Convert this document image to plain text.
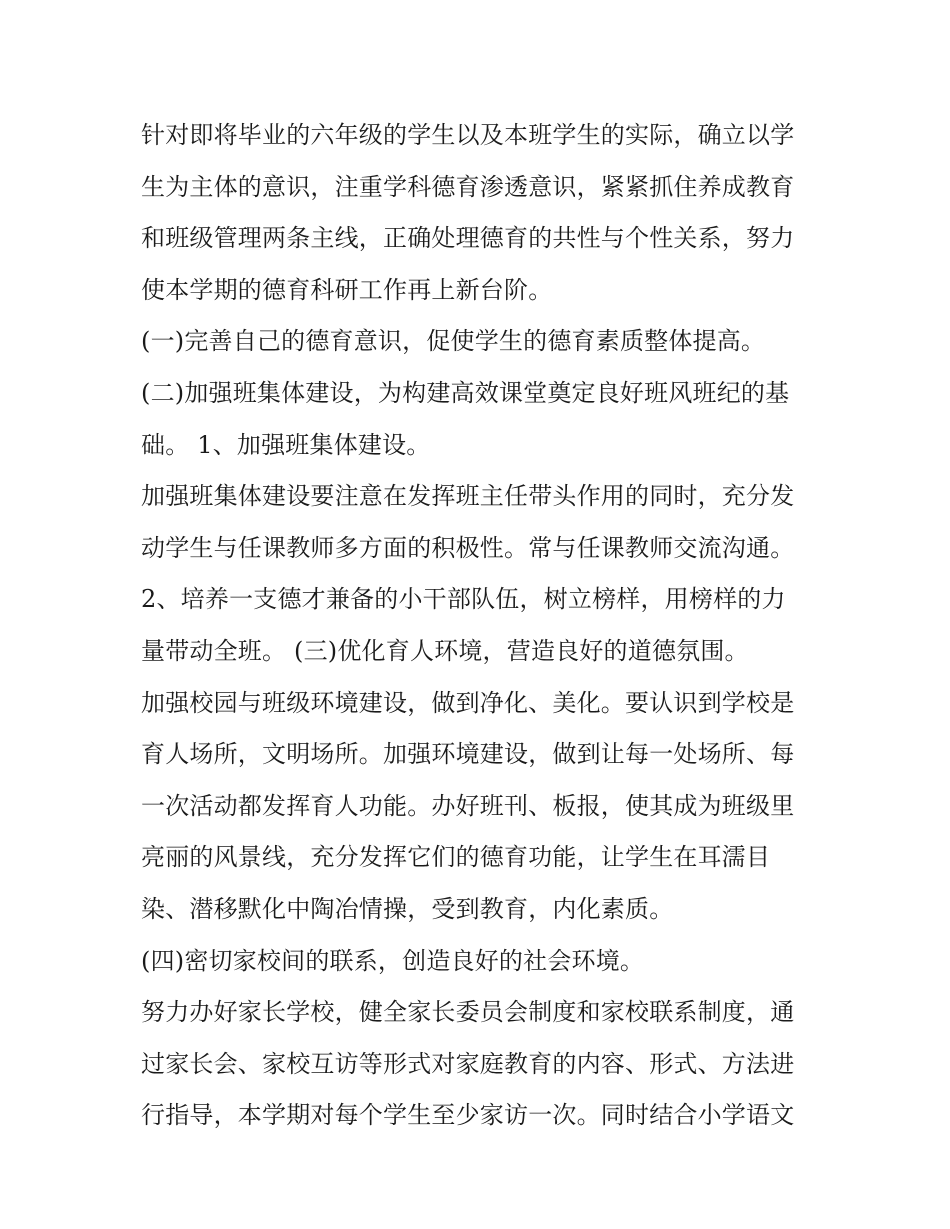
针对即将毕业的六年级的学生以及本班学生的实际，确立以学
生为主体的意识，注重学科德育渗透意识，紧紧抓住养成教育
和班级管理两条主线，正确处理德育的共性与个性关系，努力
使本学期的德育科研工作再上新台阶。
(一)完善自己的德育意识，促使学生的德育素质整体提高。
(二)加强班集体建设，为构建高效课堂奠定良好班风班纪的基
础。 1、加强班集体建设。
加强班集体建设要注意在发挥班主任带头作用的同时，充分发
动学生与任课教师多方面的积极性。常与任课教师交流沟通。
2、培养一支德才兼备的小干部队伍，树立榜样，用榜样的力
量带动全班。 (三)优化育人环境，营造良好的道德氛围。
加强校园与班级环境建设，做到净化、美化。要认识到学校是
育人场所，文明场所。加强环境建设，做到让每一处场所、每
一次活动都发挥育人功能。办好班刊、板报，使其成为班级里
亮丽的风景线，充分发挥它们的德育功能，让学生在耳濡目
染、潜移默化中陶冶情操，受到教育，内化素质。
(四)密切家校间的联系，创造良好的社会环境。
努力办好家长学校，健全家长委员会制度和家校联系制度，通
过家长会、家校互访等形式对家庭教育的内容、形式、方法进
行指导，本学期对每个学生至少家访一次。同时结合小学语文
